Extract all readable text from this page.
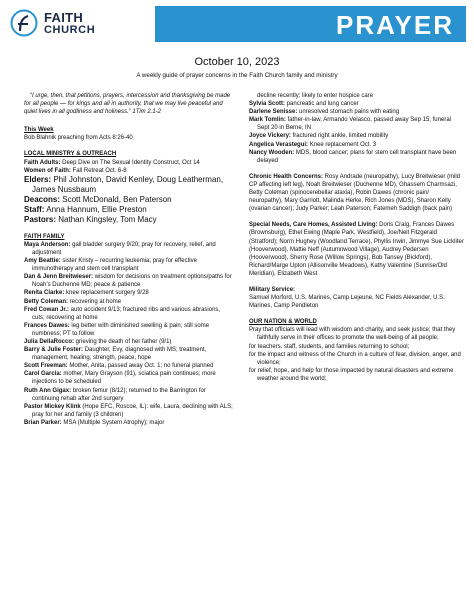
FAITH
CHURCH	PRAYER
October 10, 2023
A weekly guide of prayer concerns in the Faith Church family and ministry
“I urge, then, that petitions, prayers, intercession and thanksgiving be made for all people — for kings and all in authority, that we may live peaceful and quiet lives in all godliness and holiness.” 1Tim 2.1-2
This Week
Bob Blahnik preaching from Acts 8:26-40
LOCAL MINISTRY & OUTREACH
Faith Adults: Deep Dive on The Sexual Identity Construct, Oct 14
Women of Faith: Fall Retreat Oct. 6-8
Elders: Phil Johnston, David Kenley, Doug Leatherman, James Nussbaum
Deacons: Scott McDonald, Ben Paterson
Staff: Anna Hannum, Ellie Preston
Pastors: Nathan Kingsley, Tom Macy
FAITH FAMILY
Maya Anderson: gall bladder surgery 9/20; pray for recovery, relief, and adjustment
Amy Beattie: sister Kristy – recurring leukemia; pray for effective immunotherapy and stem cell transplant
Dan & Jenn Breitwieser: wisdom for decisions on treatment options/paths for Noah’s Duchenne MD; peace & patience
Renita Clarke: knee replacement surgery 9/28
Betty Coleman: recovering at home
Fred Cowan Jr.: auto accident 9/13; fractured ribs and various abrasions, cuts; recovering at home
Frances Dawes: leg better with diminished swelling & pain; still some numbness; PT to follow
Julia DellaRocco: grieving the death of her father (9/1)
Barry & Julie Foster: Daughter, Evy, diagnosed with MS; treatment, management, healing, strength, peace, hope
Scott Freeman: Mother, Anita, passed away Oct. 1; no funeral planned
Carol Garcia: mother, Mary Grayson (91), sciatica pain continues; more injections to be scheduled
Ruth Ann Gigax: broken femur (8/12); returned to the Barrington for continuing rehab after 2nd surgery
Pastor Mickey Klink (Hope EFC, Roscoe, IL): wife, Laura, declining with ALS; pray for her and family (3 children)
Brian Parker: MSA (Multiple System Atrophy); major
decline recently; likely to enter hospice care
Sylvia Scott: pancreatic and lung cancer
Darlene Senisse: unresolved stomach pains with eating
Mark Tomlin: father-in-law, Armando Velasco, passed away Sep 15; funeral Sept 20 in Berne, IN
Joyce Vickery: fractured right ankle, limited mobility
Angelica Verastegui: Knee replacement Oct. 3
Nancy Wooden: MDS, blood cancer; plans for stem cell transplant have been delayed
Chronic Health Concerns: Rosy Andrade (neuropathy), Lucy Breitwieser (mild CP affecting left leg), Noah Breitwieser (Duchenne MD), Ghassem Charmsazi, Betty Coleman (spinocerebellar ataxia), Robin Dawes (chronic pain/ neuropathy), Mary Garriott, Malinda Herke, Rich Jones (MDS), Sharon Kelly (ovarian cancer); Judy Parker; Leah Paterson; Fatemeh Saddigh (back pain)
Special Needs, Care Homes, Assisted Living: Doris Craig, Frances Dawes (Brownsburg), Ethel Ewing (Maple Park, Westfield), Joe/Nell Fitzgerald (Stratford); Norm Hughey (Woodland Terrace), Phyllis Irwin, Jimmye Sue Lickliter (Hooverwood), Mattie Neff (Autumnwood Village), Audrey Pedersen (Hooverwood), Sherry Rose (Willow Springs), Bob Tansey (Bickford), Richard/Marge Upton (Allisonville Meadows), Kathy Valentine (Sunrise/Old Meridian), Elizabeth West
Military Service:
Samuel Morford, U.S. Marines, Camp Lejeune, NC Fields Alexander, U.S. Marines, Camp Pendleton
OUR NATION & WORLD
Pray that officials will lead with wisdom and charity, and seek justice; that they faithfully serve in their offices to promote the well-being of all people;
for teachers, staff, students, and families returning to school;
for the impact and witness of the Church in a culture of fear, division, anger, and violence;
for relief, hope, and help for those impacted by natural disasters and extreme weather around the world;
